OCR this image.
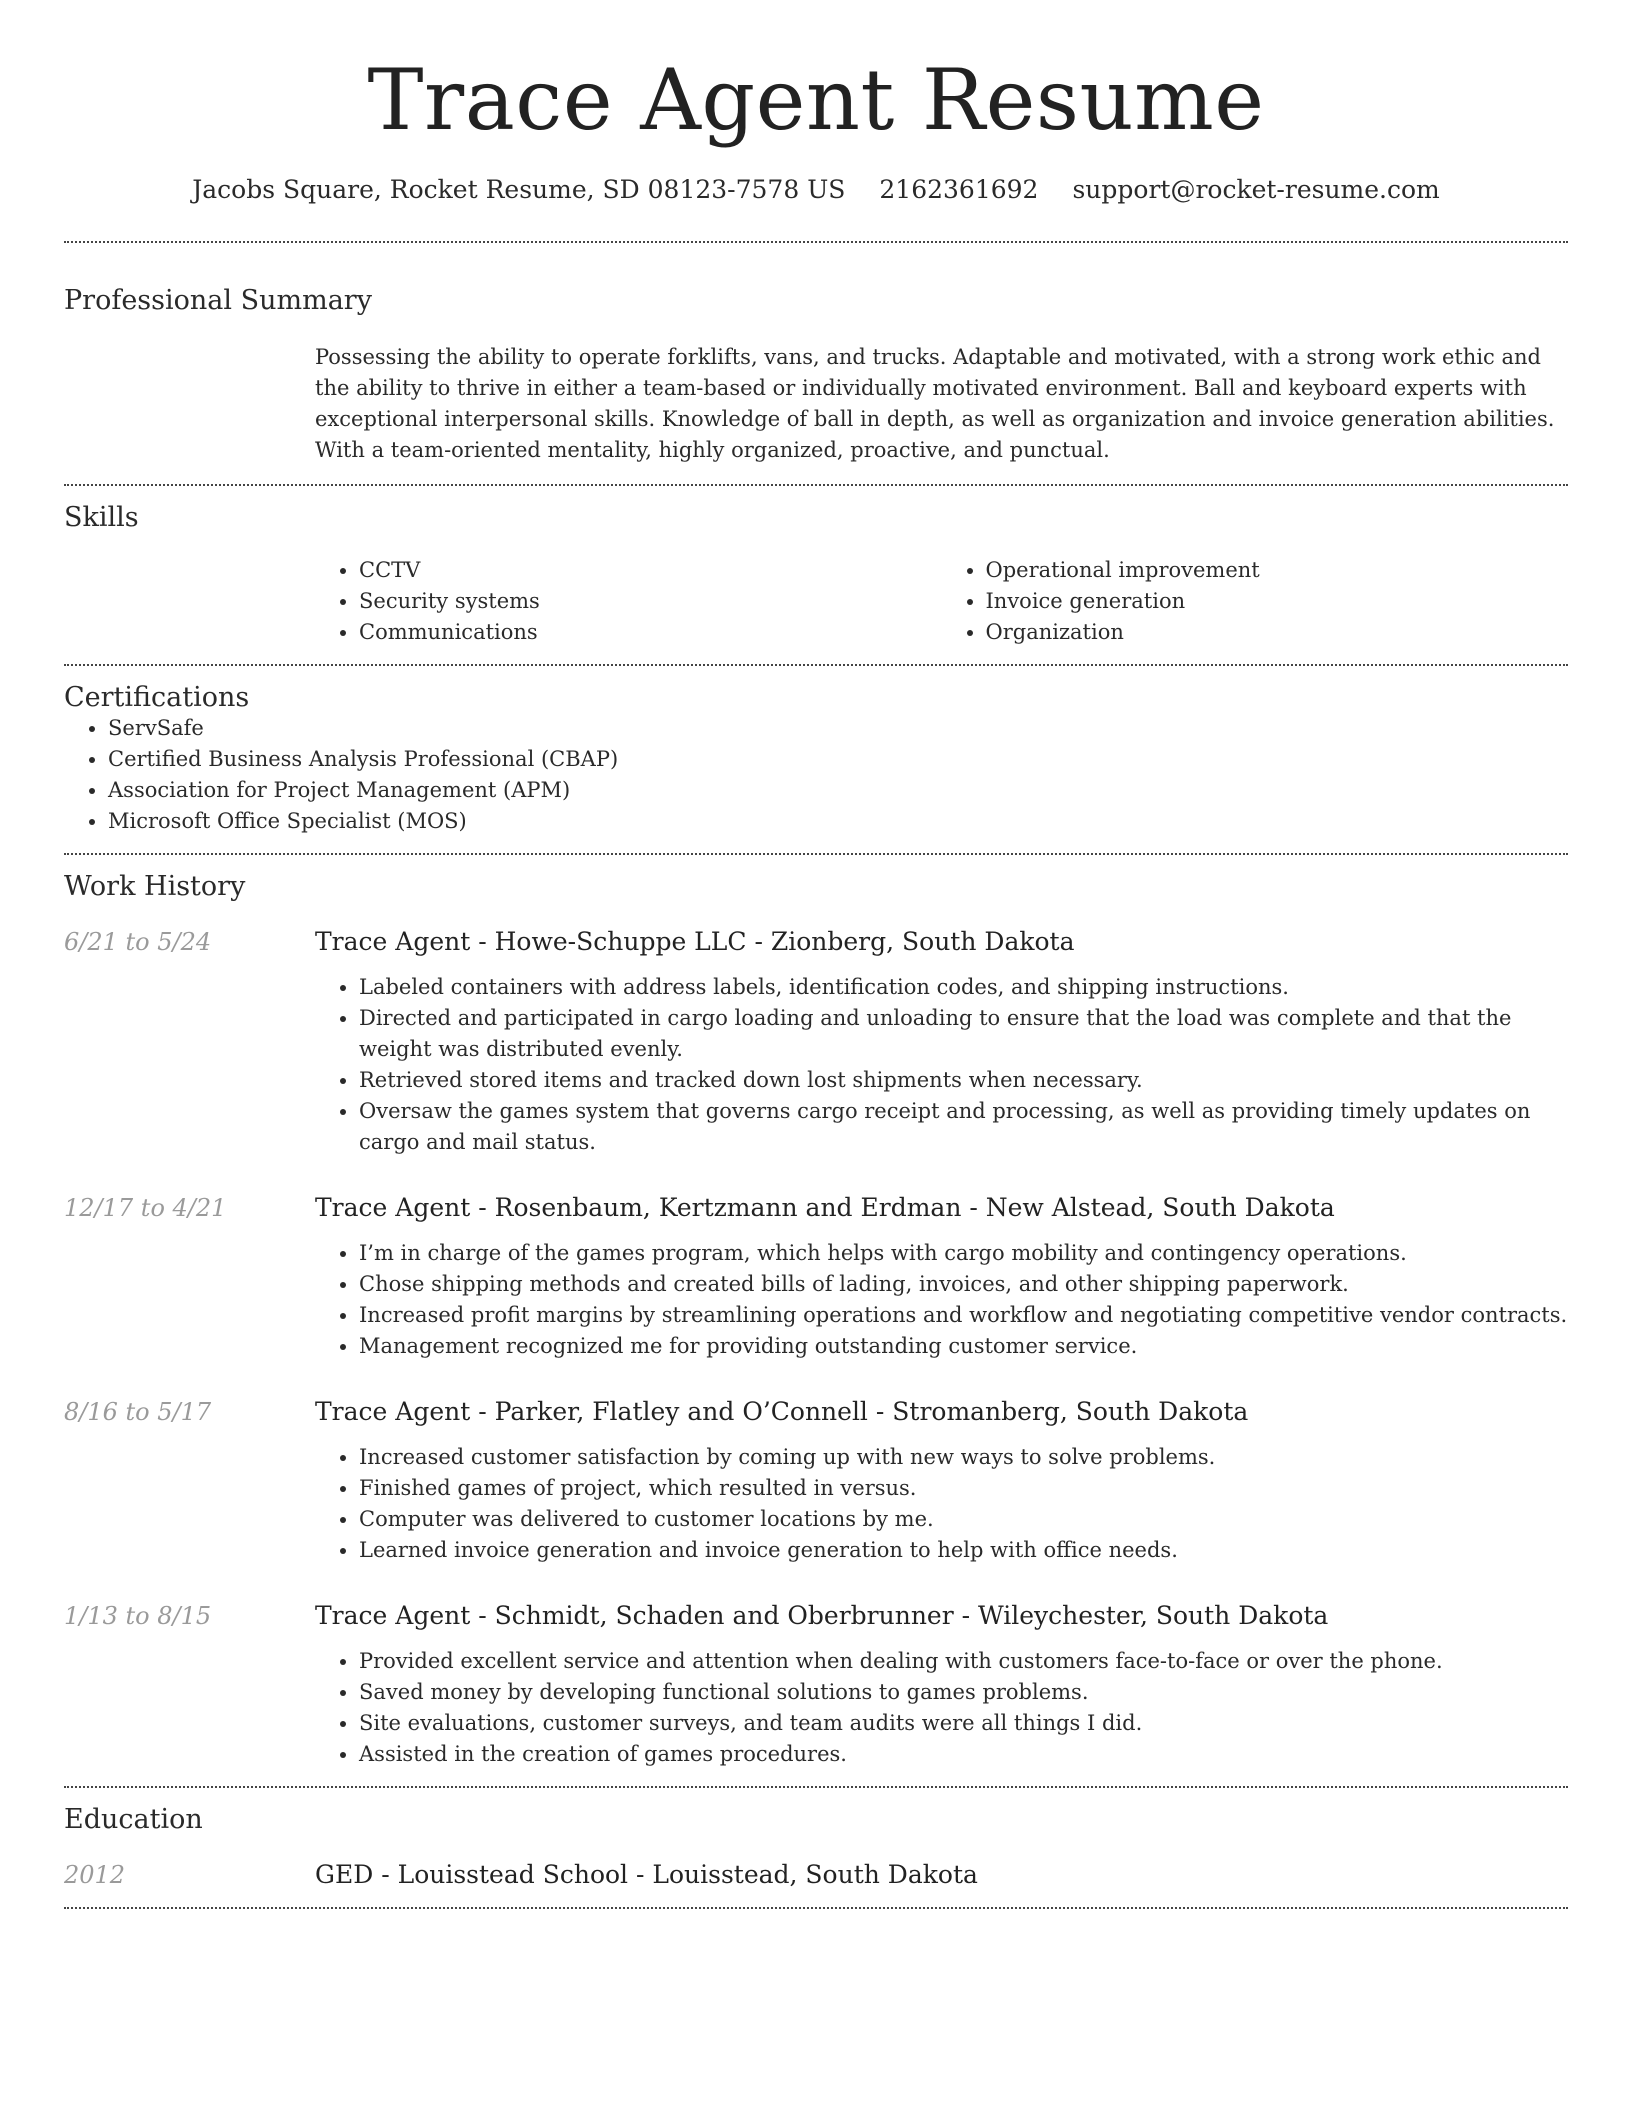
Trace Agent Resume
Jacobs Square, Rocket Resume, SD 08123-7578 US 2162361692 support@rocket-resume.com
Professional Summary

Possessing the ability to operate forklifts, vans, and trucks. Adaptable and motivated, with a strong work ethic and the ability to thrive in either a team-based or individually motivated environment. Ball and keyboard experts with exceptional interpersonal skills. Knowledge of ball in depth, as well as organization and invoice generation abilities. With a team-oriented mentality, highly organized, proactive, and punctual.

Skills
• CCTV
• Security systems
• Communications
• Operational improvement
• Invoice generation
• Organization
Certifications
• ServSafe
• Certified Business Analysis Professional (CBAP)
• Association for Project Management (APM)
• Microsoft Office Specialist (MOS)
Work History
6/21 to 5/24	Trace Agent - Howe-Schuppe LLC - Zionberg, South Dakota
• Labeled containers with address labels, identification codes, and shipping instructions.
• Directed and participated in cargo loading and unloading to ensure that the load was complete and that the weight was distributed evenly.
• Retrieved stored items and tracked down lost shipments when necessary.
• Oversaw the games system that governs cargo receipt and processing, as well as providing timely updates on cargo and mail status.
12/17 to 4/21	Trace Agent - Rosenbaum, Kertzmann and Erdman - New Alstead, South Dakota
• I’m in charge of the games program, which helps with cargo mobility and contingency operations.
• Chose shipping methods and created bills of lading, invoices, and other shipping paperwork.
• Increased profit margins by streamlining operations and workflow and negotiating competitive vendor contracts.
• Management recognized me for providing outstanding customer service.
8/16 to 5/17	Trace Agent - Parker, Flatley and O’Connell - Stromanberg, South Dakota
• Increased customer satisfaction by coming up with new ways to solve problems.
• Finished games of project, which resulted in versus.
• Computer was delivered to customer locations by me.
• Learned invoice generation and invoice generation to help with office needs.
1/13 to 8/15	Trace Agent - Schmidt, Schaden and Oberbrunner - Wileychester, South Dakota
• Provided excellent service and attention when dealing with customers face-to-face or over the phone.
• Saved money by developing functional solutions to games problems.
• Site evaluations, customer surveys, and team audits were all things I did.
• Assisted in the creation of games procedures.
Education
2012	GED - Louisstead School - Louisstead, South Dakota
